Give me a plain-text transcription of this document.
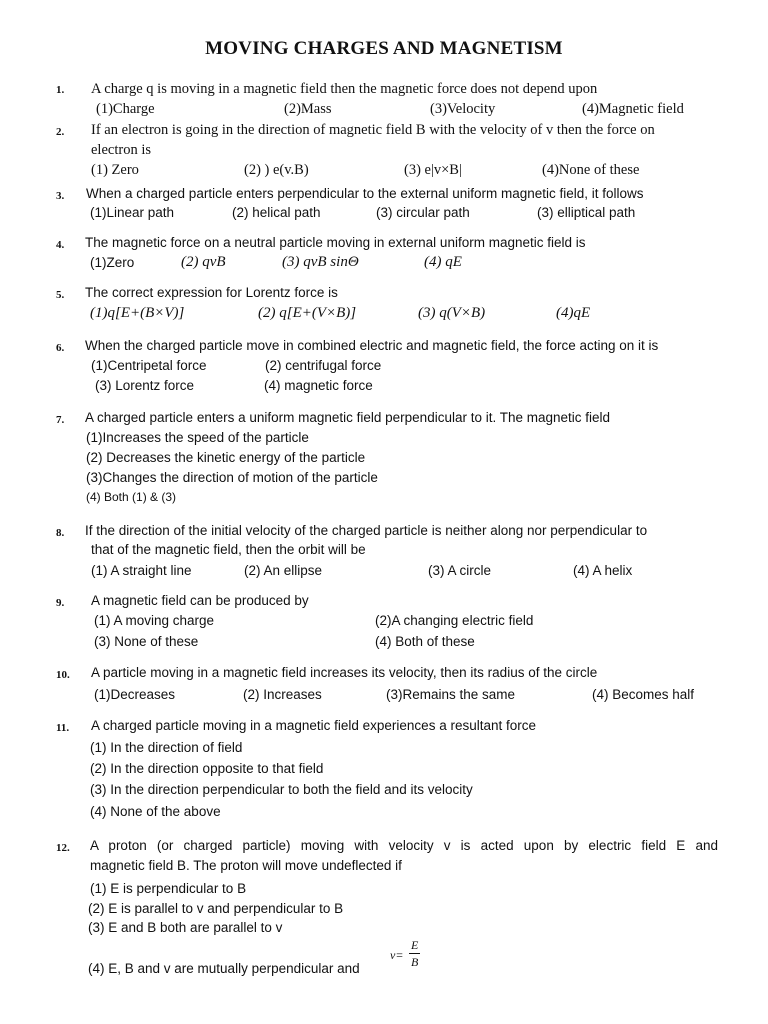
MOVING CHARGES AND MAGNETISM
1. A charge q is moving in a magnetic field then the magnetic force does not depend upon
(1)Charge	(2)Mass	(3)Velocity	(4)Magnetic field
2. If an electron is going in the direction of magnetic field B with the velocity of v then the force on
electron is
(1) Zero	(2) ) e(v.B)	(3) e|v×B|	(4)None of these
3. When a charged particle enters perpendicular to the external uniform magnetic field, it follows
(1)Linear path	(2) helical path	(3) circular path	(3) elliptical path
4. The magnetic force on a neutral particle moving in external uniform magnetic field is
(1)Zero	(2) qvB	(3) qvB sinΘ	(4) qE
5. The correct expression for Lorentz force is
(1)q[E+(B×V)]	(2) q[E+(V×B)]	(3) q(V×B)	(4)qE
6. When the charged particle move in combined electric and magnetic field, the force acting on it is
(1)Centripetal force	(2) centrifugal force
(3) Lorentz force	(4) magnetic force
7. A charged particle enters a uniform magnetic field perpendicular to it. The magnetic field
(1)Increases the speed of the particle
(2) Decreases the kinetic energy of the particle
(3)Changes the direction of motion of the particle
(4) Both (1) & (3)
8. If the direction of the initial velocity of the charged particle is neither along nor perpendicular to
that of the magnetic field, then the orbit will be
(1) A straight line	(2) An ellipse	(3) A circle	(4) A helix
9. A magnetic field can be produced by
(1) A moving charge	(2)A changing electric field
(3) None of these	(4) Both of these
10. A particle moving in a magnetic field increases its velocity, then its radius of the circle
(1)Decreases	(2) Increases	(3)Remains the same	(4) Becomes half
11. A charged particle moving in a magnetic field experiences a resultant force
(1) In the direction of field
(2) In the direction opposite to that field
(3) In the direction perpendicular to both the field and its velocity
(4) None of the above
12. A proton (or charged particle) moving with velocity v is acted upon by electric field E and
magnetic field B. The proton will move undeflected if
(1) E is perpendicular to B
(2) E is parallel to v and perpendicular to B
(3) E and B both are parallel to v
(4) E, B and v are mutually perpendicular and
v=
E
B
